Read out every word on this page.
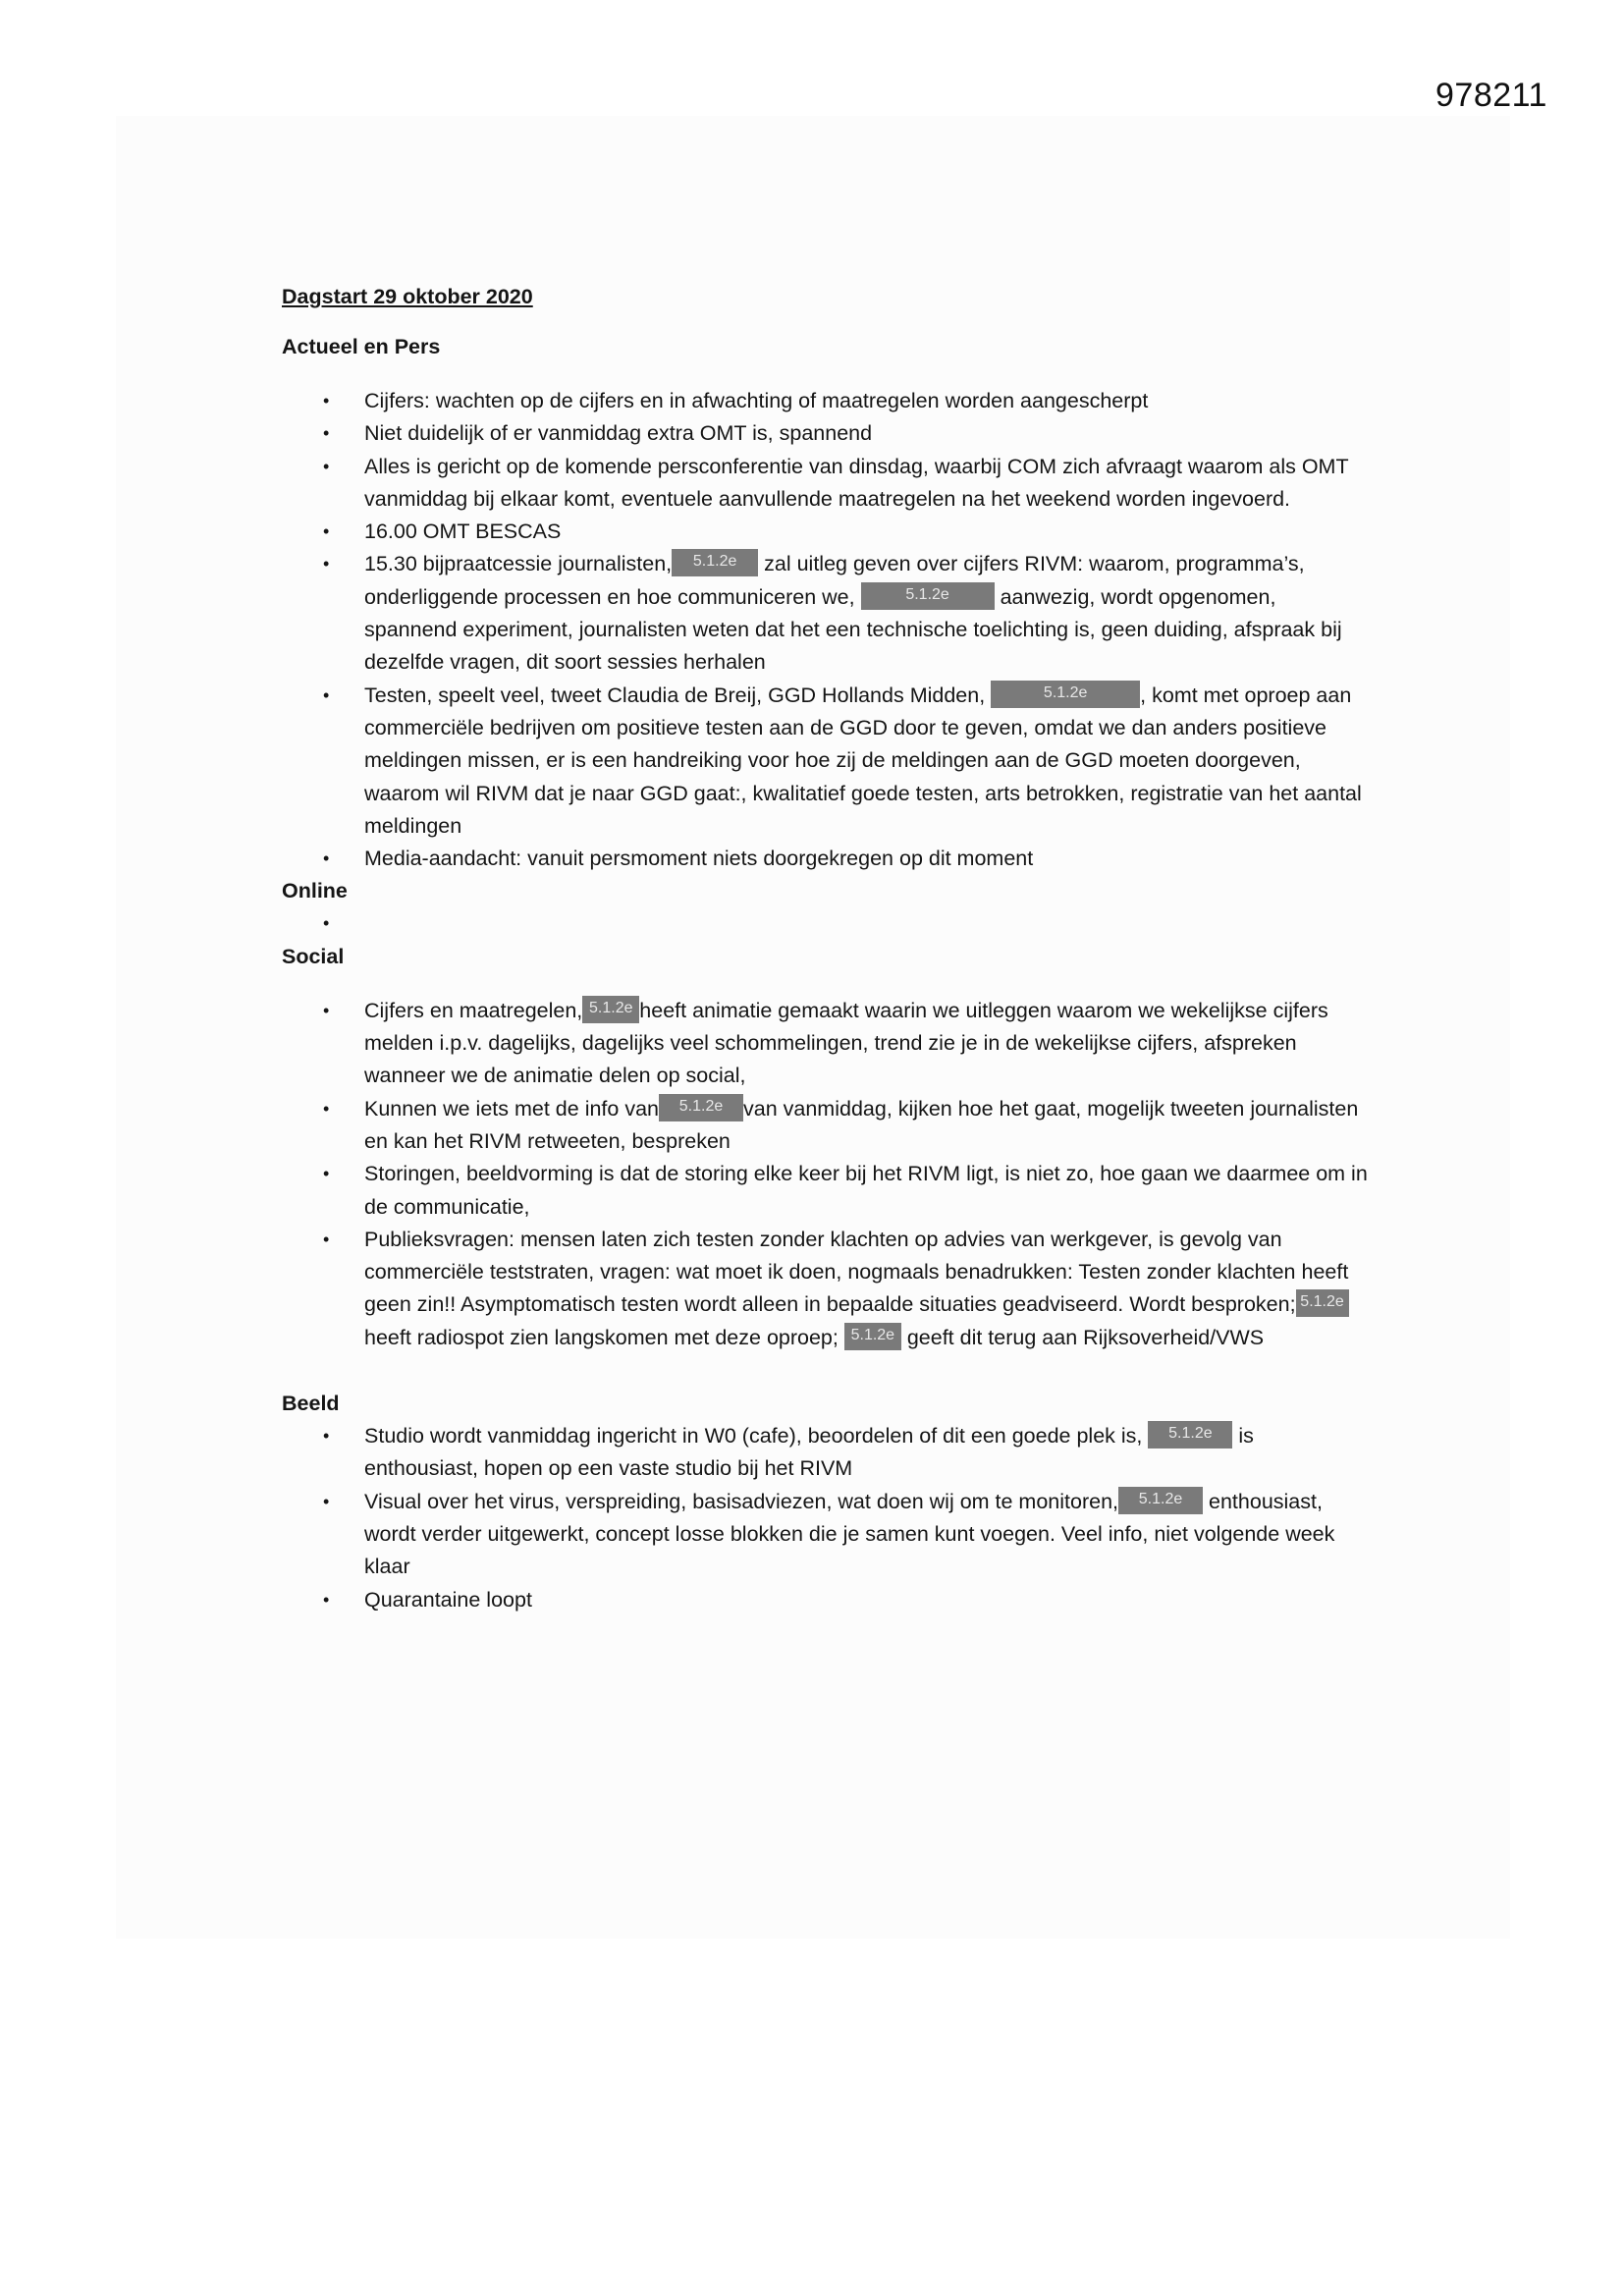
978211

Dagstart 29 oktober 2020

Actueel en Pers

• Cijfers: wachten op de cijfers en in afwachting of maatregelen worden aangescherpt
• Niet duidelijk of er vanmiddag extra OMT is, spannend
• Alles is gericht op de komende persconferentie van dinsdag, waarbij COM zich afvraagt waarom als OMT vanmiddag bij elkaar komt, eventuele aanvullende maatregelen na het weekend worden ingevoerd.
• 16.00 OMT BESCAS
• 15.30 bijpraatcessie journalisten, 5.1.2e zal uitleg geven over cijfers RIVM: waarom, programma’s, onderliggende processen en hoe communiceren we,	5.1.2e aanwezig, wordt opgenomen, spannend experiment, journalisten weten dat het een technische toelichting is, geen duiding, afspraak bij dezelfde vragen, dit soort sessies herhalen
• Testen, speelt veel, tweet Claudia de Breij, GGD Hollands Midden,	5.1.2e	, komt met oproep aan commerciële bedrijven om positieve testen aan de GGD door te geven, omdat we dan anders positieve meldingen missen, er is een handreiking voor hoe zij de meldingen aan de GGD moeten doorgeven, waarom wil RIVM dat je naar GGD gaat:, kwalitatief goede testen, arts betrokken, registratie van het aantal meldingen
• Media-aandacht: vanuit persmoment niets doorgekregen op dit moment

Online

•

Social

• Cijfers en maatregelen, 5.1.2e heeft animatie gemaakt waarin we uitleggen waarom we wekelijkse cijfers melden i.p.v. dagelijks, dagelijks veel schommelingen, trend zie je in de wekelijkse cijfers, afspreken wanneer we de animatie delen op social,
• Kunnen we iets met de info van 5.1.2e van vanmiddag, kijken hoe het gaat, mogelijk tweeten journalisten en kan het RIVM retweeten, bespreken
• Storingen, beeldvorming is dat de storing elke keer bij het RIVM ligt, is niet zo, hoe gaan we daarmee om in de communicatie,
• Publieksvragen: mensen laten zich testen zonder klachten op advies van werkgever, is gevolg van commerciële teststraten, vragen: wat moet ik doen, nogmaals benadrukken: Testen zonder klachten heeft geen zin!! Asymptomatisch testen wordt alleen in bepaalde situaties geadviseerd. Wordt besproken; 5.1.2eheeft radiospot zien langskomen met deze oproep; 5.1.2e geeft dit terug aan Rijksoverheid/VWS

Beeld

• Studio wordt vanmiddag ingericht in W0 (cafe), beoordelen of dit een goede plek is, 5.1.2e is enthousiast, hopen op een vaste studio bij het RIVM
• Visual over het virus, verspreiding, basisadviezen, wat doen wij om te monitoren, 5.1.2e enthousiast, wordt verder uitgewerkt, concept losse blokken die je samen kunt voegen. Veel info, niet volgende week klaar
• Quarantaine loopt
